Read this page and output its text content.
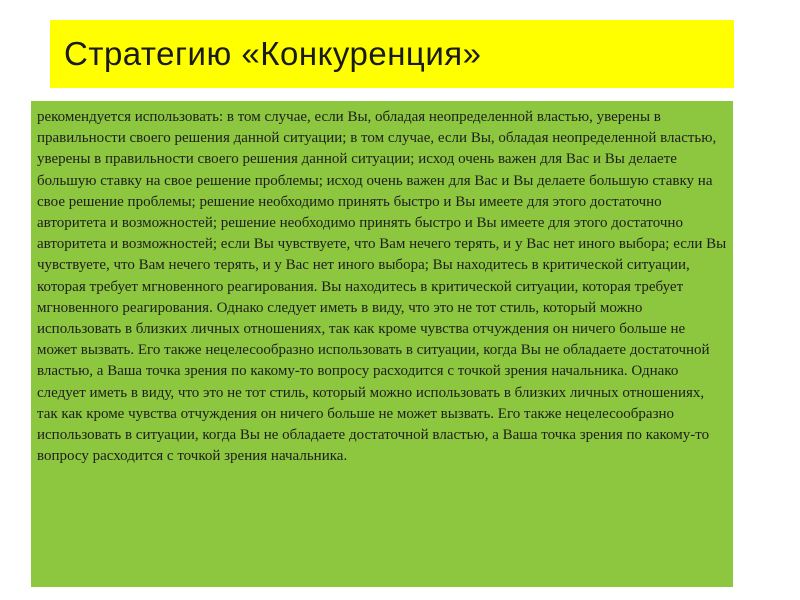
Стратегию «Конкуренция»

рекомендуется использовать: в том случае, если Вы, обладая неопределенной властью, уверены в правильности своего решения данной ситуации; в том случае, если Вы, обладая неопределенной властью, уверены в правильности своего решения данной ситуации; исход очень важен для Вас и Вы делаете большую ставку на свое решение проблемы; исход очень важен для Вас и Вы делаете большую ставку на свое решение проблемы; решение необходимо принять быстро и Вы имеете для этого достаточно авторитета и возможностей; решение необходимо принять быстро и Вы имеете для этого достаточно авторитета и возможностей; если Вы чувствуете, что Вам нечего терять, и у Вас нет иного выбора; если Вы чувствуете, что Вам нечего терять, и у Вас нет иного выбора; Вы находитесь в критической ситуации, которая требует мгновенного реагирования. Вы находитесь в критической ситуации, которая требует мгновенного реагирования. Однако следует иметь в виду, что это не тот стиль, который можно использовать в близких личных отношениях, так как кроме чувства отчуждения он ничего больше не может вызвать. Его также нецелесообразно использовать в ситуации, когда Вы не обладаете достаточной властью, а Ваша точка зрения по какому-то вопросу расходится с точкой зрения начальника. Однако следует иметь в виду, что это не тот стиль, который можно использовать в близких личных отношениях, так как кроме чувства отчуждения он ничего больше не может вызвать. Его также нецелесообразно использовать в ситуации, когда Вы не обладаете достаточной властью, а Ваша точка зрения по какому-то вопросу расходится с точкой зрения начальника.
